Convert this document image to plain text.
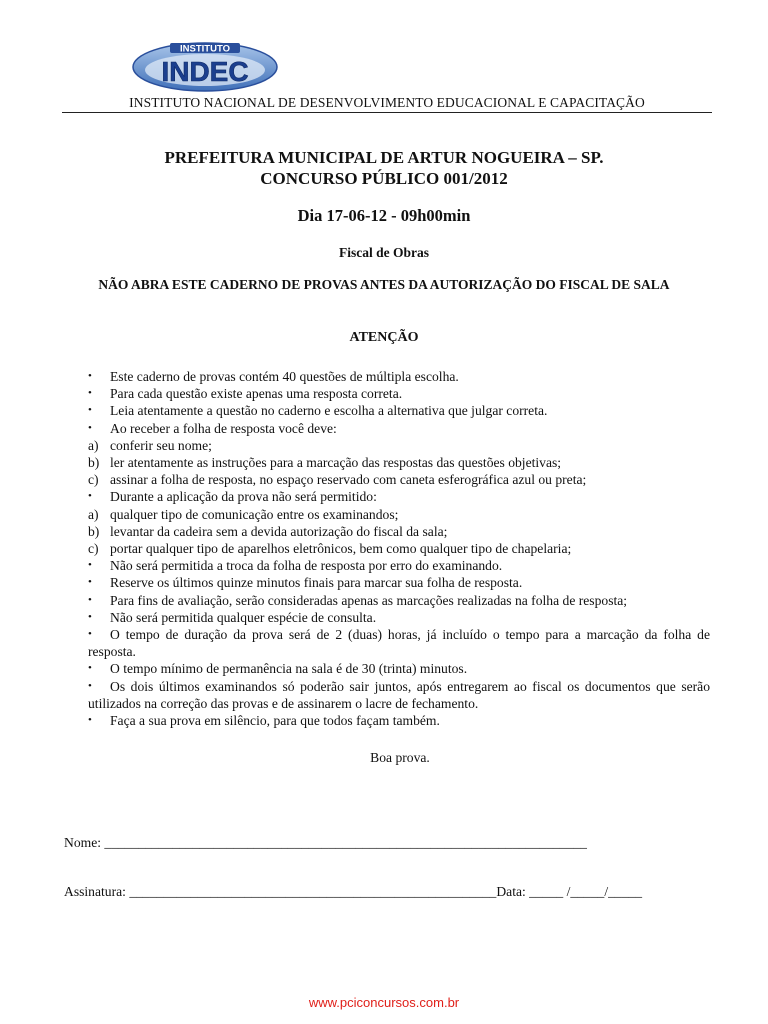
INSTITUTO
INDEC
INSTITUTO NACIONAL DE DESENVOLVIMENTO EDUCACIONAL E CAPACITAÇÃO
PREFEITURA MUNICIPAL DE ARTUR NOGUEIRA – SP.
CONCURSO PÚBLICO 001/2012
Dia 17-06-12 - 09h00min
Fiscal de Obras
NÃO ABRA ESTE CADERNO DE PROVAS ANTES DA AUTORIZAÇÃO DO FISCAL DE SALA
ATENÇÃO
•	Este caderno de provas contém 40 questões de múltipla escolha.
•	Para cada questão existe apenas uma resposta correta.
•	Leia atentamente a questão no caderno e escolha a alternativa que julgar correta.
•	Ao receber a folha de resposta você deve:
a) conferir seu nome;
b) ler atentamente as instruções para a marcação das respostas das questões objetivas;
c) assinar a folha de resposta, no espaço reservado com caneta esferográfica azul ou preta;
•	Durante a aplicação da prova não será permitido:
a) qualquer tipo de comunicação entre os examinandos;
b) levantar da cadeira sem a devida autorização do fiscal da sala;
c) portar qualquer tipo de aparelhos eletrônicos, bem como qualquer tipo de chapelaria;
•	Não será permitida a troca da folha de resposta por erro do examinando.
•	Reserve os últimos quinze minutos finais para marcar sua folha de resposta.
•	Para fins de avaliação, serão consideradas apenas as marcações realizadas na folha de resposta;
•	Não será permitida qualquer espécie de consulta.
•	O tempo de duração da prova será de 2 (duas) horas, já incluído o tempo para a marcação da folha de resposta.
•	O tempo mínimo de permanência na sala é de 30 (trinta) minutos.
•	Os dois últimos examinandos só poderão sair juntos, após entregarem ao fiscal os documentos que serão utilizados na correção das provas e de assinarem o lacre de fechamento.
•	Faça a sua prova em silêncio, para que todos façam também.
Boa prova.
Nome: _______________________________________________________________________
Assinatura: ______________________________________________________Data: _____ /_____/_____
www.pciconcursos.com.br
